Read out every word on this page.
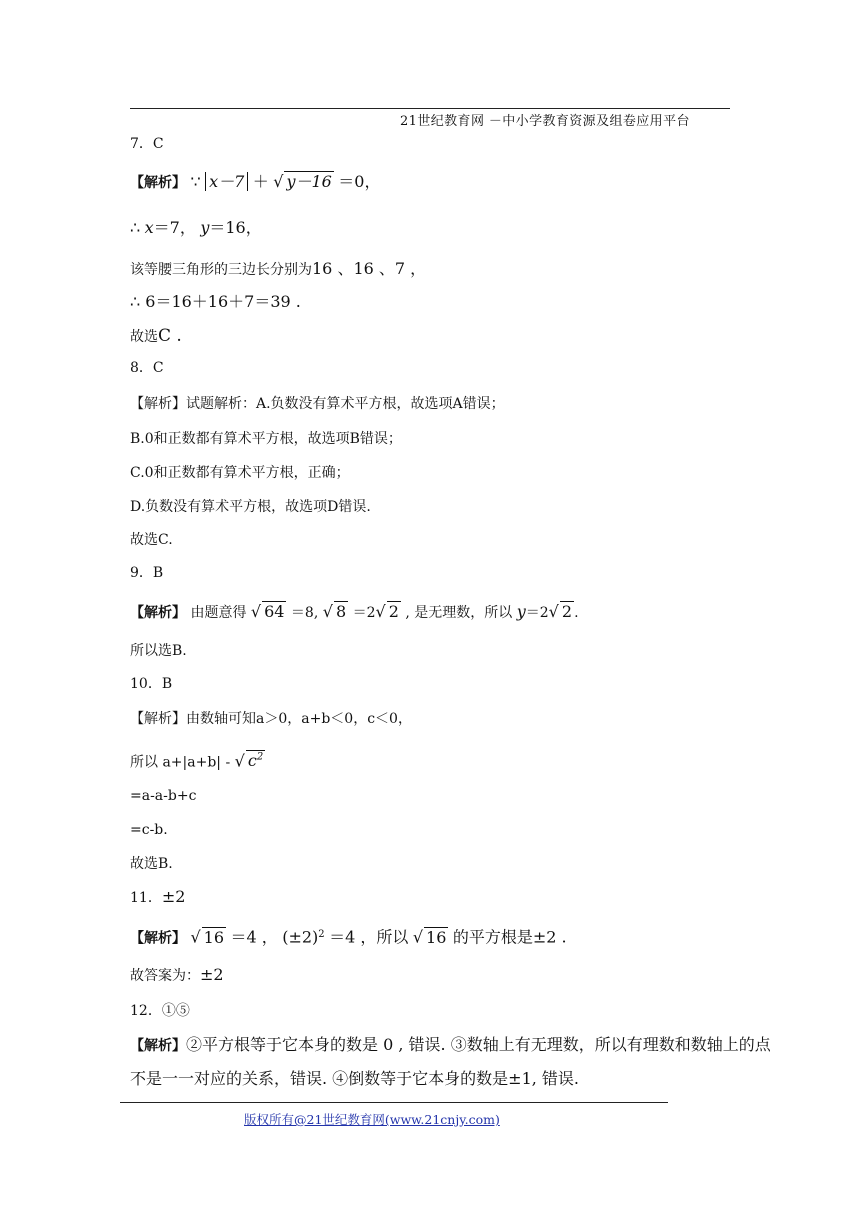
21世纪教育网 －中小学教育资源及组卷应用平台
7．C
【解析】 ∵ x－7 ＋ √ y－16 ＝0，
∴ x＝7， y＝16，
该等腰三角形的三边长分别为16 、16 、7 ，
∴ 6＝16＋16＋7＝39 .
故选C .
8．C
【解析】试题解析：A.负数没有算术平方根，故选项A错误；
B.0和正数都有算术平方根，故选项B错误；
C.0和正数都有算术平方根，正确；
D.负数没有算术平方根，故选项D错误.
故选C.
9．B
【解析】 由题意得 √ 64 ＝8, √ 8 ＝2√ 2 , 是无理数，所以 y＝2√ 2 .
所以选B.
10．B
【解析】由数轴可知a＞0，a+b＜0，c＜0，
所以 a+|a+b| - √ $c^2$
=a-a-b+c
=c-b.
故选B.
11．±2
【解析】 √ 16 ＝4 ， $(\pm 2)^2 =4$ ，所以 √ 16 的平方根是±2 .
故答案为：±2
12．①⑤
【解析】②平方根等于它本身的数是 0 , 错误. ③数轴上有无理数，所以有理数和数轴上的点
不是一一对应的关系，错误. ④倒数等于它本身的数是±1, 错误.
版权所有@21世纪教育网(www.21cnjy.com)
